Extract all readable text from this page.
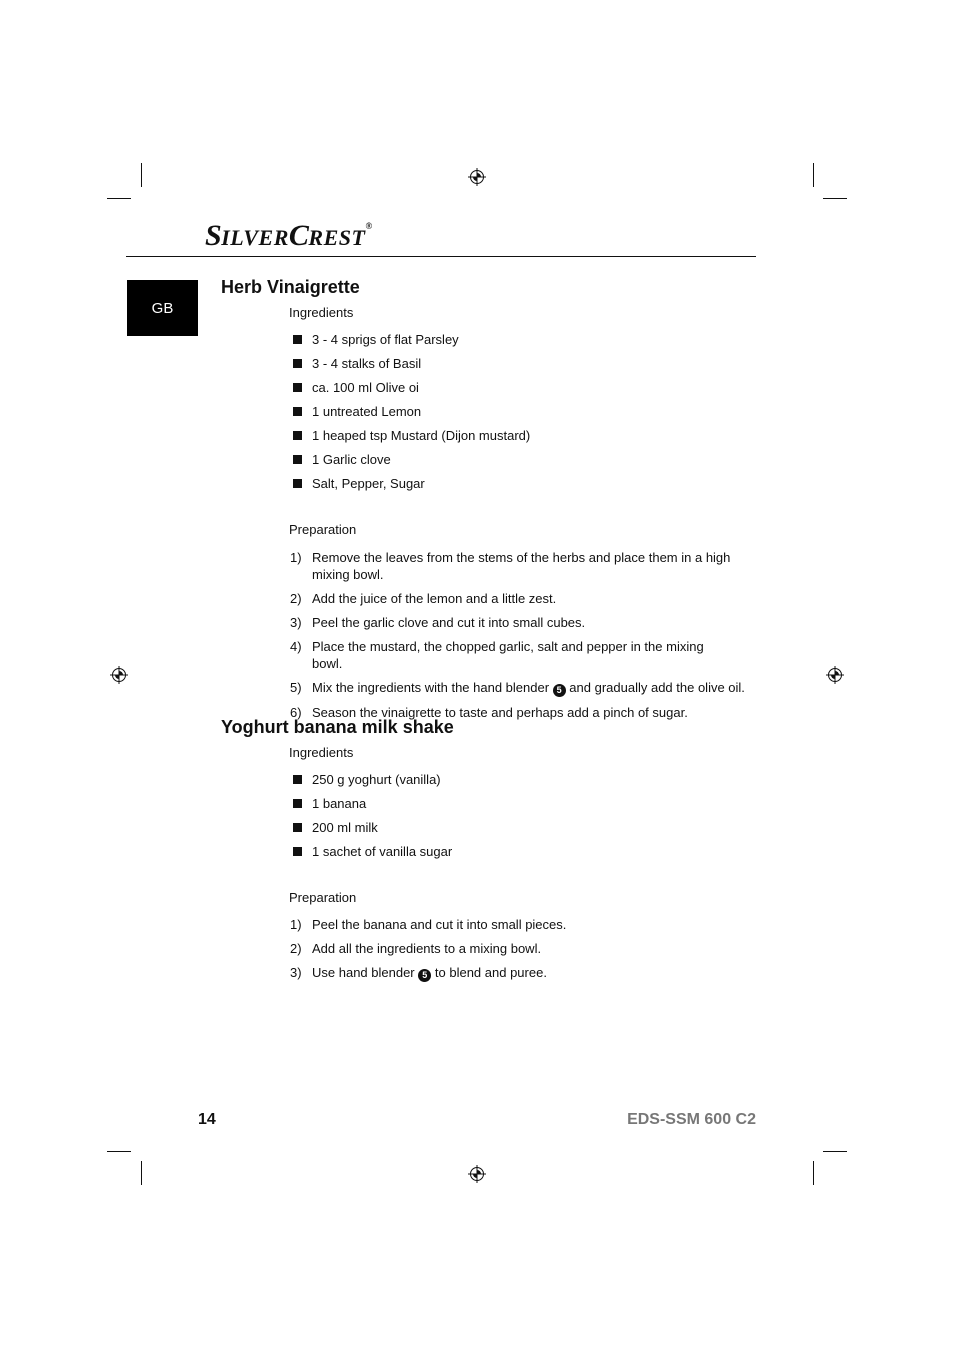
SILVERCREST®
GB
Herb Vinaigrette
Ingredients
3 - 4 sprigs of flat Parsley
3 - 4 stalks of Basil
ca. 100 ml Olive oi
1 untreated Lemon
1 heaped tsp Mustard (Dijon mustard)
1 Garlic clove
Salt, Pepper, Sugar
Preparation
1) Remove the leaves from the stems of the herbs and place them in a high mixing bowl.
2) Add the juice of the lemon and a little zest.
3) Peel the garlic clove and cut it into small cubes.
4) Place the mustard, the chopped garlic, salt and pepper in the mixing bowl.
5) Mix the ingredients with the hand blender 5 and gradually add the olive oil.
6) Season the vinaigrette to taste and perhaps add a pinch of sugar.
Yoghurt banana milk shake
Ingredients
250 g yoghurt (vanilla)
1 banana
200 ml milk
1 sachet of vanilla sugar
Preparation
1) Peel the banana and cut it into small pieces.
2) Add all the ingredients to a mixing bowl.
3) Use hand blender 5 to blend and puree.
14	EDS-SSM 600 C2
